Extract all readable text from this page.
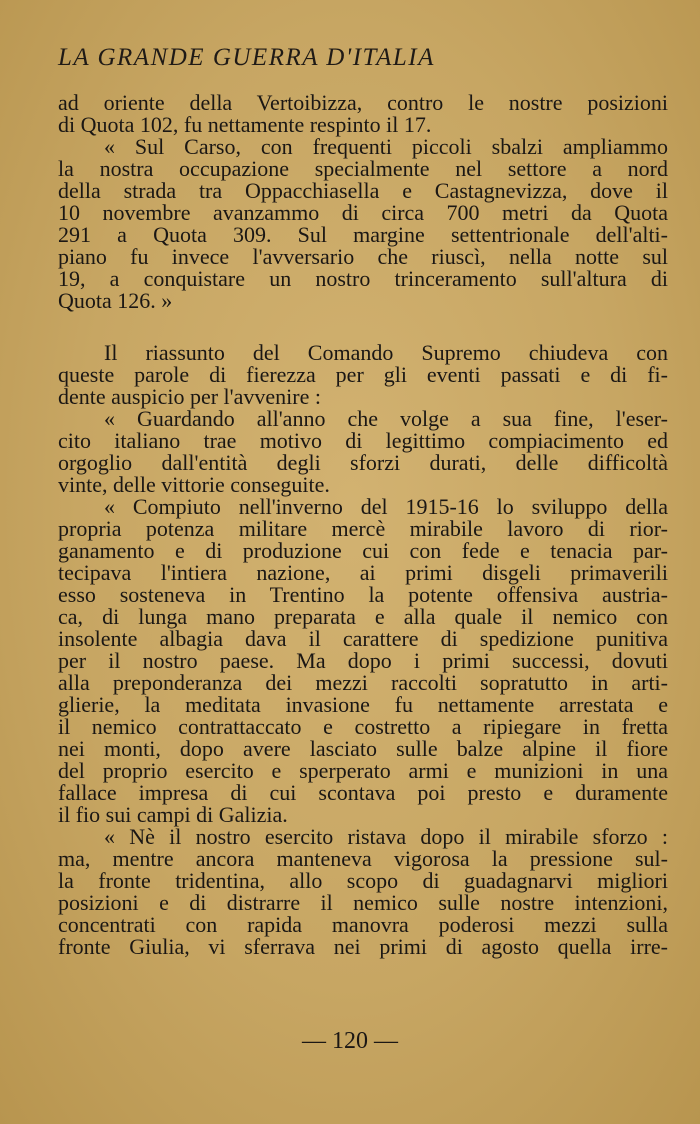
LA GRANDE GUERRA D'ITALIA
ad oriente della Vertoibizza, contro le nostre posizioni
di Quota 102, fu nettamente respinto il 17.
« Sul Carso, con frequenti piccoli sbalzi ampliammo
la nostra occupazione specialmente nel settore a nord
della strada tra Oppacchiasella e Castagnevizza, dove il
10 novembre avanzammo di circa 700 metri da Quota
291 a Quota 309. Sul margine settentrionale dell'alti-
piano fu invece l'avversario che riuscì, nella notte sul
19, a conquistare un nostro trinceramento sull'altura di
Quota 126. »
Il riassunto del Comando Supremo chiudeva con
queste parole di fierezza per gli eventi passati e di fi-
dente auspicio per l'avvenire :
« Guardando all'anno che volge a sua fine, l'eser-
cito italiano trae motivo di legittimo compiacimento ed
orgoglio dall'entità degli sforzi durati, delle difficoltà
vinte, delle vittorie conseguite.
« Compiuto nell'inverno del 1915-16 lo sviluppo della
propria potenza militare mercè mirabile lavoro di rior-
ganamento e di produzione cui con fede e tenacia par-
tecipava l'intiera nazione, ai primi disgeli primaverili
esso sosteneva in Trentino la potente offensiva austria-
ca, di lunga mano preparata e alla quale il nemico con
insolente albagia dava il carattere di spedizione punitiva
per il nostro paese. Ma dopo i primi successi, dovuti
alla preponderanza dei mezzi raccolti sopratutto in arti-
glierie, la meditata invasione fu nettamente arrestata e
il nemico contrattaccato e costretto a ripiegare in fretta
nei monti, dopo avere lasciato sulle balze alpine il fiore
del proprio esercito e sperperato armi e munizioni in una
fallace impresa di cui scontava poi presto e duramente
il fio sui campi di Galizia.
« Nè il nostro esercito ristava dopo il mirabile sforzo :
ma, mentre ancora manteneva vigorosa la pressione sul-
la fronte tridentina, allo scopo di guadagnarvi migliori
posizioni e di distrarre il nemico sulle nostre intenzioni,
concentrati con rapida manovra poderosi mezzi sulla
fronte Giulia, vi sferrava nei primi di agosto quella irre-
— 120 —
